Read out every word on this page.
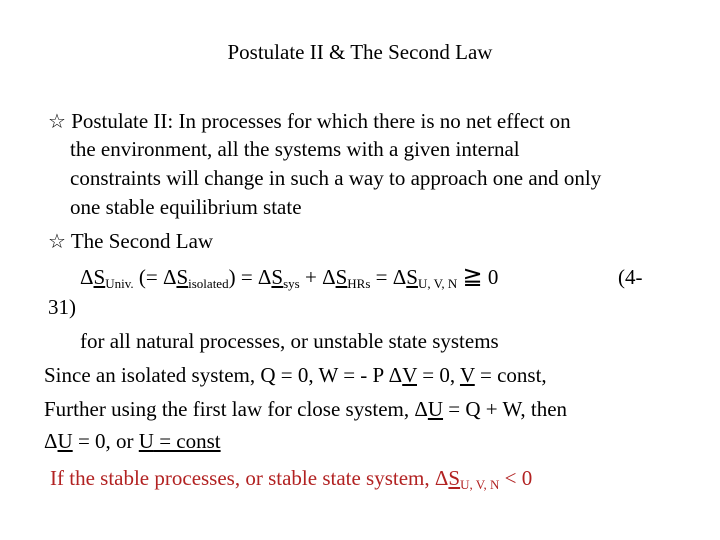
Postulate II & The Second Law
☆ Postulate II: In processes for which there is no net effect on
the environment, all the systems with a given internal
constraints will change in such a way to approach one and only
one stable equilibrium state
☆ The Second Law
$\Delta S_{Univ.}$ (= $\Delta S_{isolated}) = \Delta S_{sys} + \Delta S_{HRs} = \Delta S_{U, V, N}$ ≧ 0	(4-
31)
for all natural processes, or unstable state systems
Since an isolated system, Q = 0, W = - P ΔV = 0, V = const,
Further using the first law for close system, ΔU = Q + W, then
ΔU = 0, or U = const
If the stable processes, or stable state system, $\Delta S_{U, V, N} < 0$
